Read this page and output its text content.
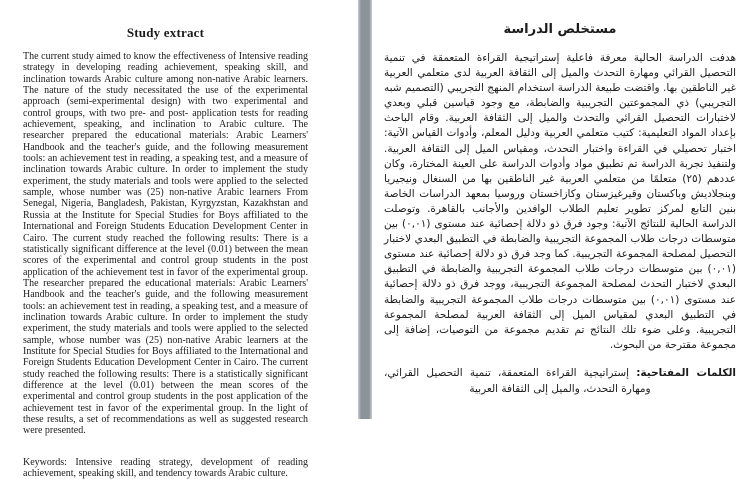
Study extract

The current study aimed to know the effectiveness of Intensive reading strategy in developing reading achievement, speaking skill, and inclination towards Arabic culture among non-native Arabic learners. The nature of the study necessitated the use of the experimental approach (semi-experimental design) with two experimental and control groups, with two pre- and post- application tests for reading achievement, speaking, and inclination to Arabic culture. The researcher prepared the educational materials: Arabic Learners' Handbook and the teacher's guide, and the following measurement tools: an achievement test in reading, a speaking test, and a measure of inclination towards Arabic culture. In order to implement the study experiment, the study materials and tools were applied to the selected sample, whose number was (25) non-native Arabic learners From Senegal, Nigeria, Bangladesh, Pakistan, Kyrgyzstan, Kazakhstan and Russia at the Institute for Special Studies for Boys affiliated to the International and Foreign Students Education Development Center in Cairo. The current study reached the following results: There is a statistically significant difference at the level (0.01) between the mean scores of the experimental and control group students in the post application of the achievement test in favor of the experimental group. The researcher prepared the educational materials: Arabic Learners' Handbook and the teacher's guide, and the following measurement tools: an achievement test in reading, a speaking test, and a measure of inclination towards Arabic culture. In order to implement the study experiment, the study materials and tools were applied to the selected sample, whose number was (25) non-native Arabic learners at the Institute for Special Studies for Boys affiliated to the International and Foreign Students Education Development Center in Cairo. The current study reached the following results: There is a statistically significant difference at the level (0.01) between the mean scores of the experimental and control group students in the post application of the achievement test in favor of the experimental group. In the light of these results, a set of recommendations as well as suggested research were presented.

Keywords: Intensive reading strategy, development of reading achievement, speaking skill, and tendency towards Arabic culture.

مستخلص الدراسة

هدفت الدراسة الحالية معرفة فاعلية إستراتيجية القراءة المتعمقة في تنمية التحصيل القرائي ومهارة التحدث والميل إلى الثقافة العربية لدى متعلمي العربية غير الناطقين بها. واقتضت طبيعة الدراسة استخدام المنهج التجريبي (التصميم شبه التجريبي) ذي المجموعتين التجريبية والضابطة، مع وجود قياسين قبلي وبعدي لاختبارات التحصيل القرائي والتحدث والميل إلى الثقافة العربية. وقام الباحث بإعداد المواد التعليمية: كتيب متعلمي العربية ودليل المعلم، وأدوات القياس الآتية: اختبار تحصيلي في القراءة واختبار التحدث، ومقياس الميل إلى الثقافة العربية. ولتنفيذ تجربة الدراسة تم تطبيق مواد وأدوات الدراسة على العينة المختارة، وكان عددهم (٢٥) متعلمًا من متعلمي العربية غير الناطقين بها من السنغال ونيجيريا وبنجلاديش وباكستان وقيرغيزستان وكازاخستان وروسيا بمعهد الدراسات الخاصة بنين التابع لمركز تطوير تعليم الطلاب الوافدين والأجانب بالقاهرة. وتوصلت الدراسة الحالية للنتائج الآتية: وجود فرق ذو دلالة إحصائية عند مستوى (٠,٠١) بين متوسطات درجات طلاب المجموعة التجريبية والضابطة في التطبيق البعدي لاختبار التحصيل لمصلحة المجموعة التجريبية. كما وجد فرق ذو دلالة إحصائية عند مستوى (٠,٠١) بين متوسطات درجات طلاب المجموعة التجريبية والضابطة في التطبيق البعدي لاختبار التحدث لمصلحة المجموعة التجريبية، ووجد فرق ذو دلالة إحصائية عند مستوى (٠,٠١) بين متوسطات درجات طلاب المجموعة التجريبية والضابطة في التطبيق البعدي لمقياس الميل إلى الثقافة العربية لمصلحة المجموعة التجريبية. وعلى ضوء تلك النتائج تم تقديم مجموعة من التوصيات، إضافة إلى مجموعة مقترحة من البحوث.

الكلمات المفتاحية: إستراتيجية القراءة المتعمقة، تنمية التحصيل القرائي، ومهارة التحدث، والميل إلى الثقافة العربية
